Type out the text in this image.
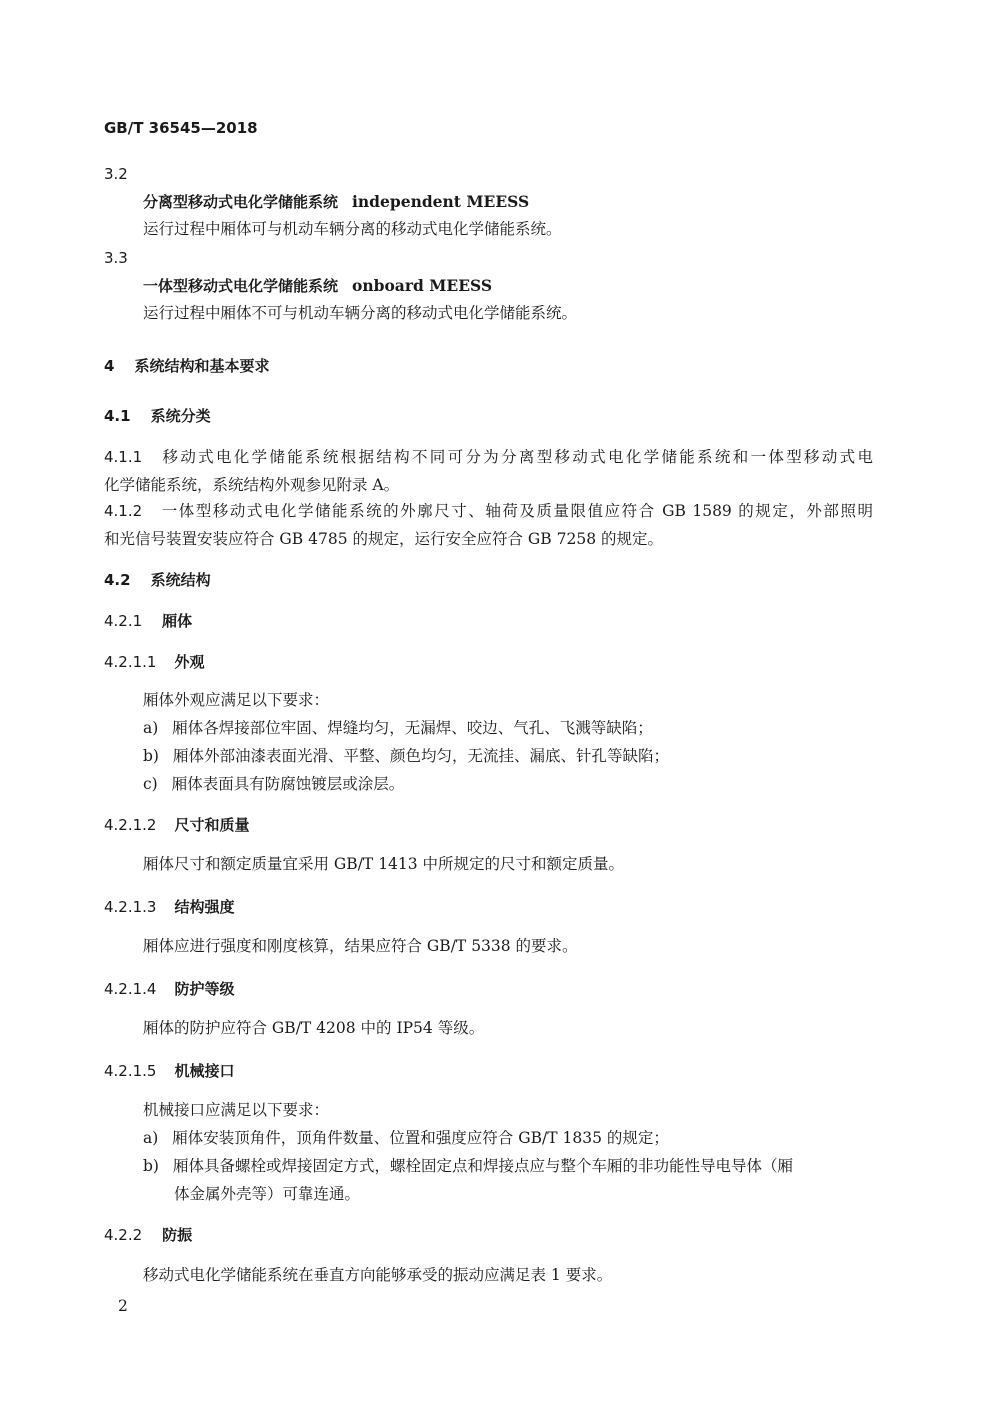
GB/T 36545—2018
3.2
分离型移动式电化学储能系统 independent MEESS
运行过程中厢体可与机动车辆分离的移动式电化学储能系统。
3.3
一体型移动式电化学储能系统 onboard MEESS
运行过程中厢体不可与机动车辆分离的移动式电化学储能系统。
4 系统结构和基本要求
4.1 系统分类
4.1.1 移动式电化学储能系统根据结构不同可分为分离型移动式电化学储能系统和一体型移动式电
化学储能系统，系统结构外观参见附录 A。
4.1.2 一体型移动式电化学储能系统的外廓尺寸、轴荷及质量限值应符合 GB 1589 的规定，外部照明
和光信号装置安装应符合 GB 4785 的规定，运行安全应符合 GB 7258 的规定。
4.2 系统结构
4.2.1 厢体
4.2.1.1 外观
厢体外观应满足以下要求：
a) 厢体各焊接部位牢固、焊缝均匀，无漏焊、咬边、气孔、飞溅等缺陷；
b) 厢体外部油漆表面光滑、平整、颜色均匀，无流挂、漏底、针孔等缺陷；
c) 厢体表面具有防腐蚀镀层或涂层。
4.2.1.2 尺寸和质量
厢体尺寸和额定质量宜采用 GB/T 1413 中所规定的尺寸和额定质量。
4.2.1.3 结构强度
厢体应进行强度和刚度核算，结果应符合 GB/T 5338 的要求。
4.2.1.4 防护等级
厢体的防护应符合 GB/T 4208 中的 IP54 等级。
4.2.1.5 机械接口
机械接口应满足以下要求：
a) 厢体安装顶角件，顶角件数量、位置和强度应符合 GB/T 1835 的规定；
b) 厢体具备螺栓或焊接固定方式，螺栓固定点和焊接点应与整个车厢的非功能性导电导体（厢
体金属外壳等）可靠连通。
4.2.2 防振
移动式电化学储能系统在垂直方向能够承受的振动应满足表 1 要求。
2
